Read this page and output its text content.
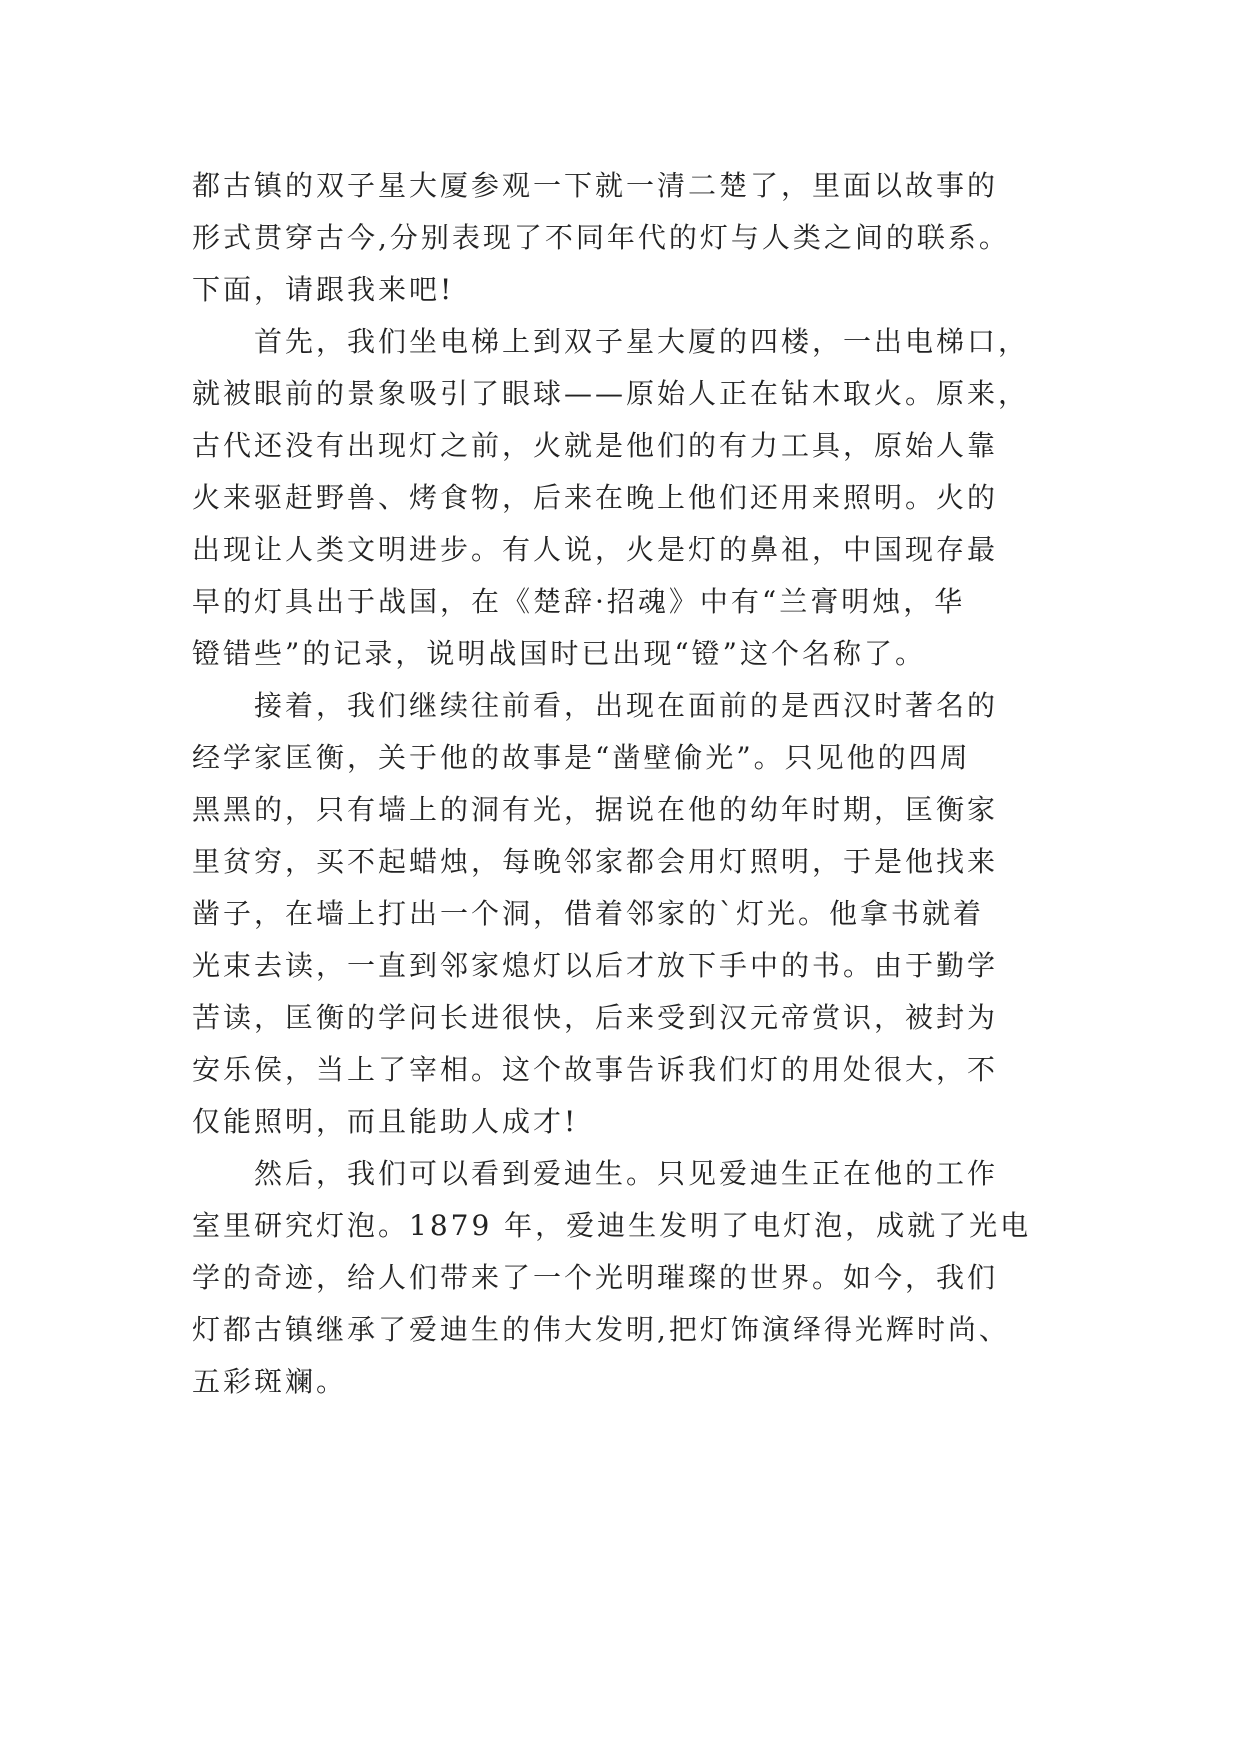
都古镇的双子星大厦参观一下就一清二楚了，里面以故事的
形式贯穿古今,分别表现了不同年代的灯与人类之间的联系。
下面，请跟我来吧!
首先，我们坐电梯上到双子星大厦的四楼，一出电梯口，
就被眼前的景象吸引了眼球——原始人正在钻木取火。原来，
古代还没有出现灯之前，火就是他们的有力工具，原始人靠
火来驱赶野兽、烤食物，后来在晚上他们还用来照明。火的
出现让人类文明进步。有人说，火是灯的鼻祖，中国现存最
早的灯具出于战国，在《楚辞·招魂》中有“兰膏明烛，华
镫错些”的记录，说明战国时已出现“镫”这个名称了。
接着，我们继续往前看，出现在面前的是西汉时著名的
经学家匡衡，关于他的故事是“凿壁偷光”。只见他的四周
黑黑的，只有墙上的洞有光，据说在他的幼年时期，匡衡家
里贫穷，买不起蜡烛，每晚邻家都会用灯照明，于是他找来
凿子，在墙上打出一个洞，借着邻家的`灯光。他拿书就着
光束去读，一直到邻家熄灯以后才放下手中的书。由于勤学
苦读，匡衡的学问长进很快，后来受到汉元帝赏识，被封为
安乐侯，当上了宰相。这个故事告诉我们灯的用处很大，不
仅能照明，而且能助人成才!
然后，我们可以看到爱迪生。只见爱迪生正在他的工作
室里研究灯泡。1879 年，爱迪生发明了电灯泡，成就了光电
学的奇迹，给人们带来了一个光明璀璨的世界。如今，我们
灯都古镇继承了爱迪生的伟大发明,把灯饰演绎得光辉时尚、
五彩斑斓。
